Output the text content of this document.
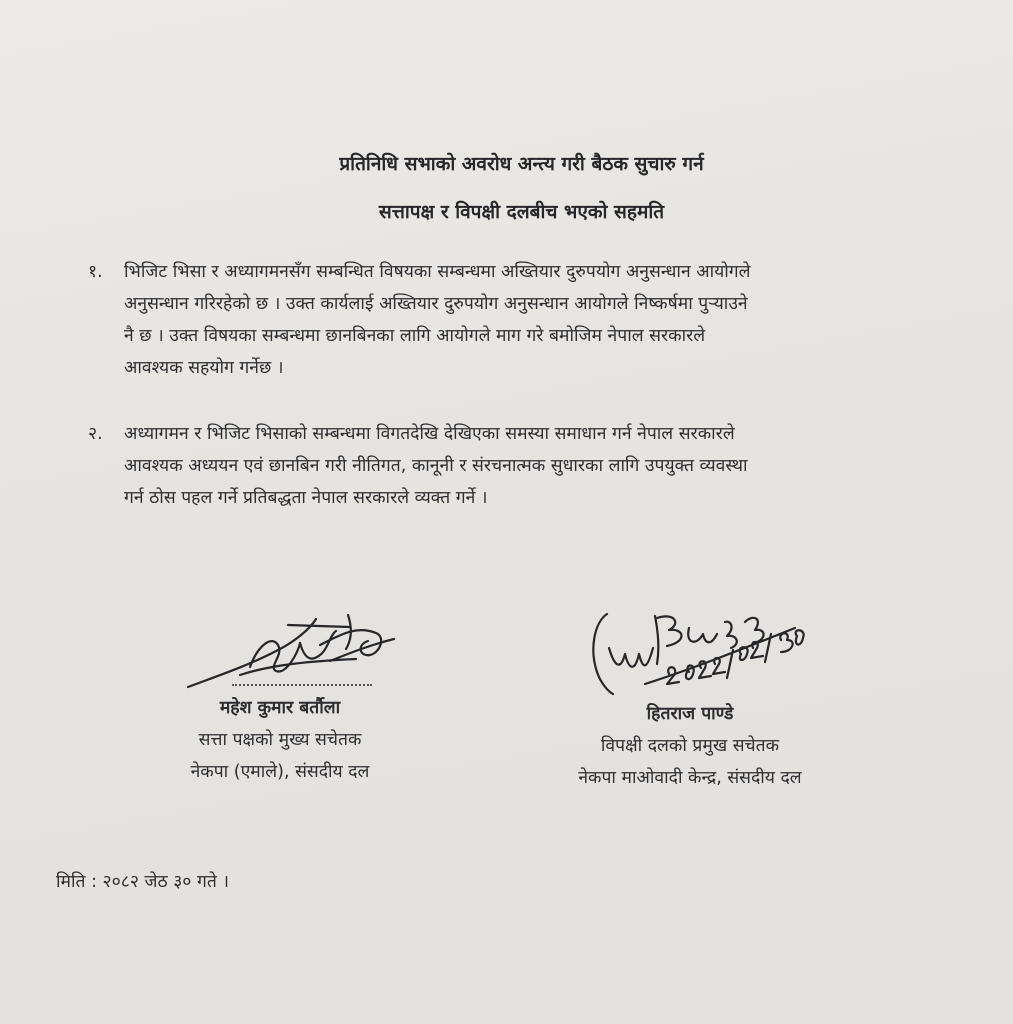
प्रतिनिधि सभाको अवरोध अन्त्य गरी बैठक सुचारु गर्न
सत्तापक्ष र विपक्षी दलबीच भएको सहमति
१. भिजिट भिसा र अध्यागमनसँग सम्बन्धित विषयका सम्बन्धमा अख्तियार दुरुपयोग अनुसन्धान आयोगले
अनुसन्धान गरिरहेको छ । उक्त कार्यलाई अख्तियार दुरुपयोग अनुसन्धान आयोगले निष्कर्षमा पुऱ्याउने
नै छ । उक्त विषयका सम्बन्धमा छानबिनका लागि आयोगले माग गरे बमोजिम नेपाल सरकारले
आवश्यक सहयोग गर्नेछ ।
२. अध्यागमन र भिजिट भिसाको सम्बन्धमा विगतदेखि देखिएका समस्या समाधान गर्न नेपाल सरकारले
आवश्यक अध्ययन एवं छानबिन गरी नीतिगत, कानूनी र संरचनात्मक सुधारका लागि उपयुक्त व्यवस्था
गर्न ठोस पहल गर्ने प्रतिबद्धता नेपाल सरकारले व्यक्त गर्ने ।
महेश कुमार बर्तौला
सत्ता पक्षको मुख्य सचेतक
नेकपा (एमाले), संसदीय दल
हितराज पाण्डे
विपक्षी दलको प्रमुख सचेतक
नेकपा माओवादी केन्द्र, संसदीय दल
मिति : २०८२ जेठ ३० गते ।
